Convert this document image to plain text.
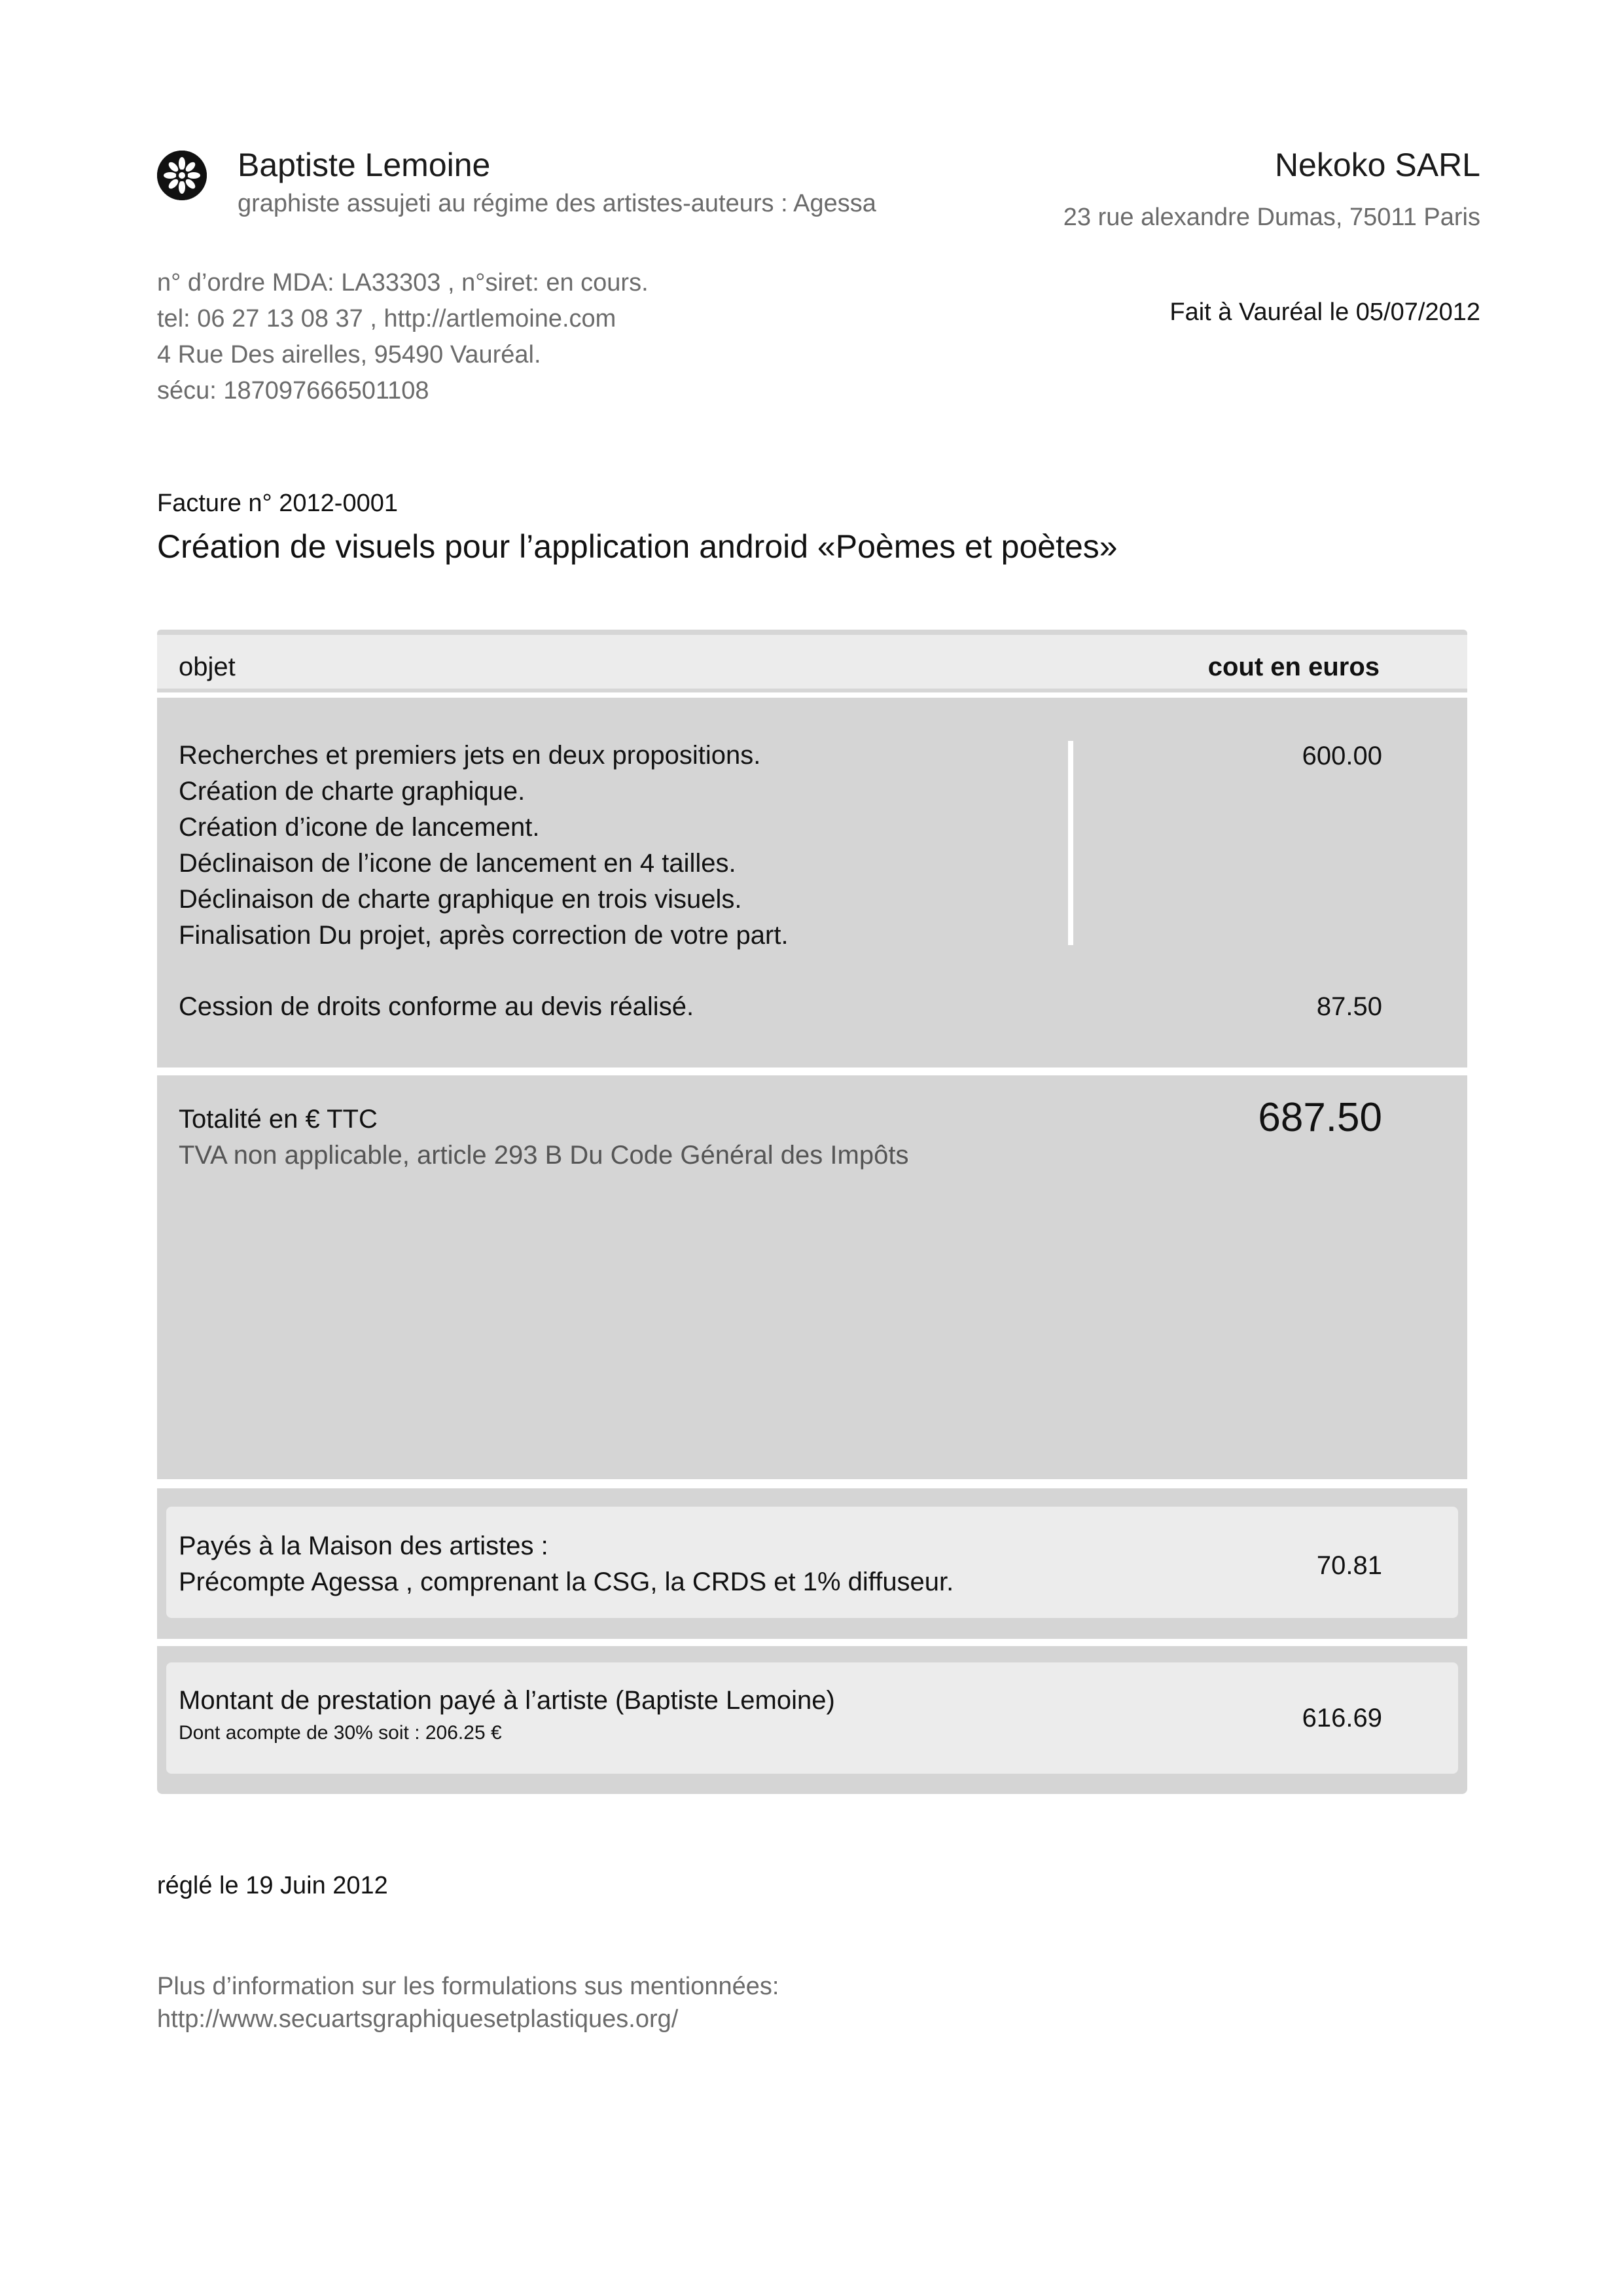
Baptiste Lemoine
graphiste assujeti au régime des artistes-auteurs : Agessa
Nekoko SARL
23 rue alexandre Dumas, 75011 Paris
n° d’ordre MDA: LA33303 , n°siret: en cours.
tel: 06 27 13 08 37 , http://artlemoine.com
4 Rue Des airelles, 95490 Vauréal.
sécu: 187097666501108
Fait à Vauréal le 05/07/2012
Facture n° 2012-0001
Création de visuels pour l’application android «Poèmes et poètes»
objet	cout en euros
Recherches et premiers jets en deux propositions.
Création de charte graphique.
Création d’icone de lancement.
Déclinaison de l’icone de lancement en 4 tailles.
Déclinaison de charte graphique en trois visuels.
Finalisation Du projet, après correction de votre part.
600.00
Cession de droits conforme au devis réalisé.	87.50
Totalité en € TTC
TVA non applicable, article 293 B Du Code Général des Impôts
687.50
Payés à la Maison des artistes :
Précompte Agessa , comprenant la CSG, la CRDS et 1% diffuseur.
70.81
Montant de prestation payé à l’artiste (Baptiste Lemoine)
Dont acompte de 30% soit : 206.25 €
616.69
réglé le 19 Juin 2012
Plus d’information sur les formulations sus mentionnées:
http://www.secuartsgraphiquesetplastiques.org/
